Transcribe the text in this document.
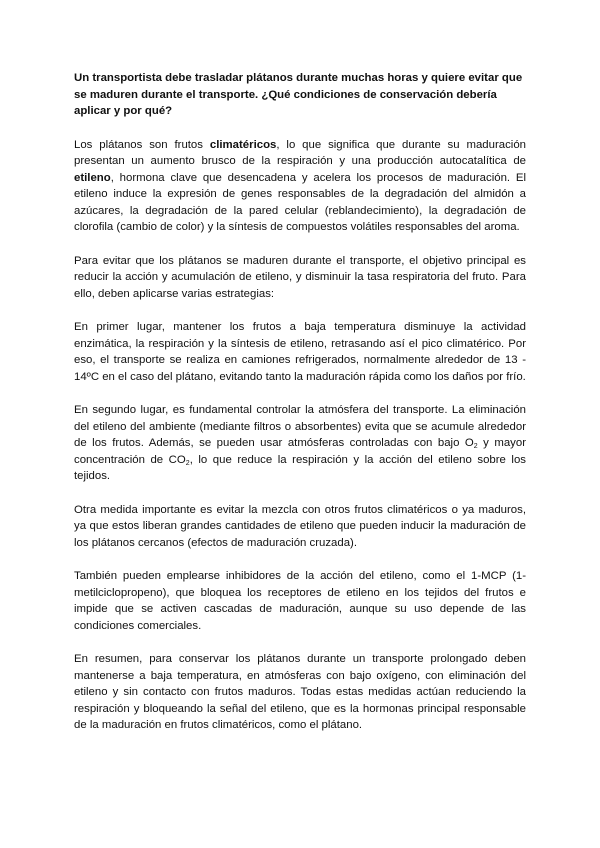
Un transportista debe trasladar plátanos durante muchas horas y quiere evitar que se maduren durante el transporte. ¿Qué condiciones de conservación debería aplicar y por qué?

Los plátanos son frutos climatéricos, lo que significa que durante su maduración presentan un aumento brusco de la respiración y una producción autocatalítica de etileno, hormona clave que desencadena y acelera los procesos de maduración. El etileno induce la expresión de genes responsables de la degradación del almidón a azúcares, la degradación de la pared celular (reblandecimiento), la degradación de clorofila (cambio de color) y la síntesis de compuestos volátiles responsables del aroma.

Para evitar que los plátanos se maduren durante el transporte, el objetivo principal es reducir la acción y acumulación de etileno, y disminuir la tasa respiratoria del fruto. Para ello, deben aplicarse varias estrategias:

En primer lugar, mantener los frutos a baja temperatura disminuye la actividad enzimática, la respiración y la síntesis de etileno, retrasando así el pico climatérico. Por eso, el transporte se realiza en camiones refrigerados, normalmente alrededor de 13 - 14ºC en el caso del plátano, evitando tanto la maduración rápida como los daños por frío.

En segundo lugar, es fundamental controlar la atmósfera del transporte. La eliminación del etileno del ambiente (mediante filtros o absorbentes) evita que se acumule alrededor de los frutos. Además, se pueden usar atmósferas controladas con bajo $O_2$ y mayor concentración de $CO_2$, lo que reduce la respiración y la acción del etileno sobre los tejidos.

Otra medida importante es evitar la mezcla con otros frutos climatéricos o ya maduros, ya que estos liberan grandes cantidades de etileno que pueden inducir la maduración de los plátanos cercanos (efectos de maduración cruzada).

También pueden emplearse inhibidores de la acción del etileno, como el 1-MCP (1-metilciclopropeno), que bloquea los receptores de etileno en los tejidos del frutos e impide que se activen cascadas de maduración, aunque su uso depende de las condiciones comerciales.

En resumen, para conservar los plátanos durante un transporte prolongado deben mantenerse a baja temperatura, en atmósferas con bajo oxígeno, con eliminación del etileno y sin contacto con frutos maduros. Todas estas medidas actúan reduciendo la respiración y bloqueando la señal del etileno, que es la hormonas principal responsable de la maduración en frutos climatéricos, como el plátano.
